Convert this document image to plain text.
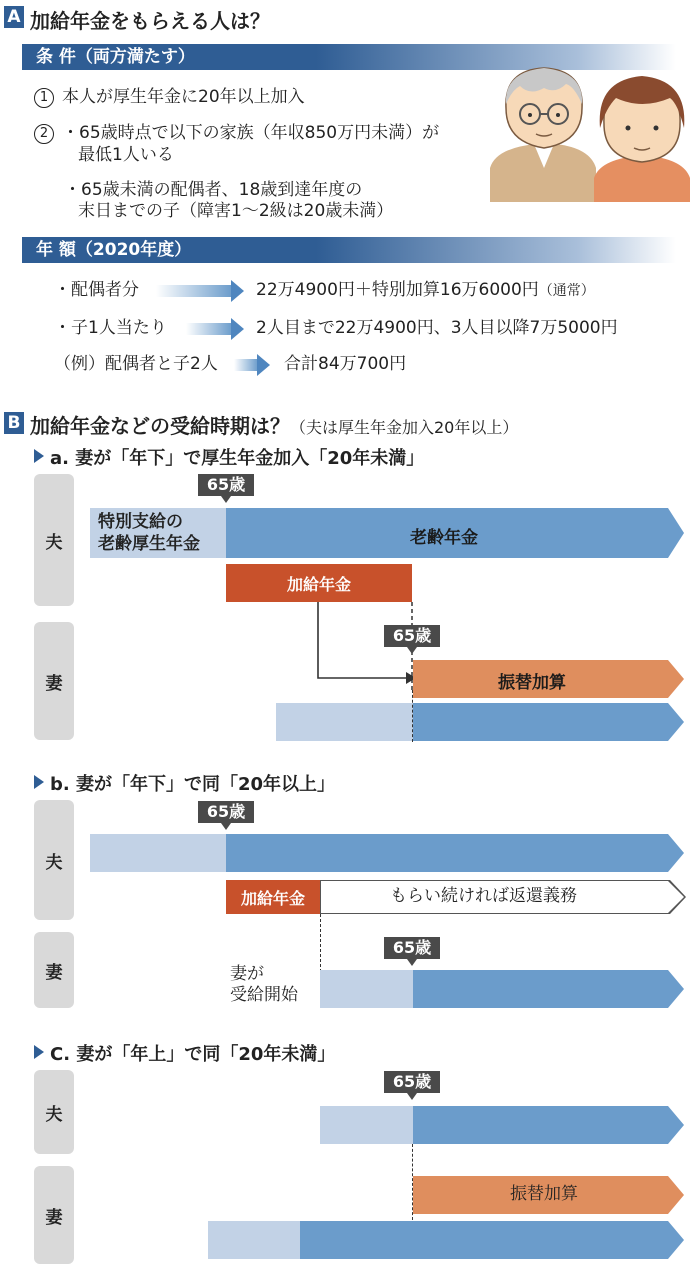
A 加給年金をもらえる人は？
条 件（両方満たす）
1 本人が厚生年金に20年以上加入
2 ・65歳時点で以下の家族（年収850万円未満）が
最低1人いる
・65歳未満の配偶者、18歳到達年度の
末日までの子（障害1～2級は20歳未満）
年 額（2020年度）
・配偶者分	22万4900円＋特別加算16万6000円（通常）
・子1人当たり	2人目まで22万4900円、3人目以降7万5000円
（例）配偶者と子2人	合計84万700円
B 加給年金などの受給時期は？（夫は厚生年金加入20年以上）
a. 妻が「年下」で厚生年金加入「20年未満」
夫
65歳
特別支給の
老齢厚生年金	老齢年金
加給年金
妻
65歳
振替加算
b. 妻が「年下」で同「20年以上」
夫
65歳
加給年金	もらい続ければ返還義務
妻	妻が
受給開始
65歳
C. 妻が「年上」で同「20年未満」
夫
65歳
妻
振替加算
